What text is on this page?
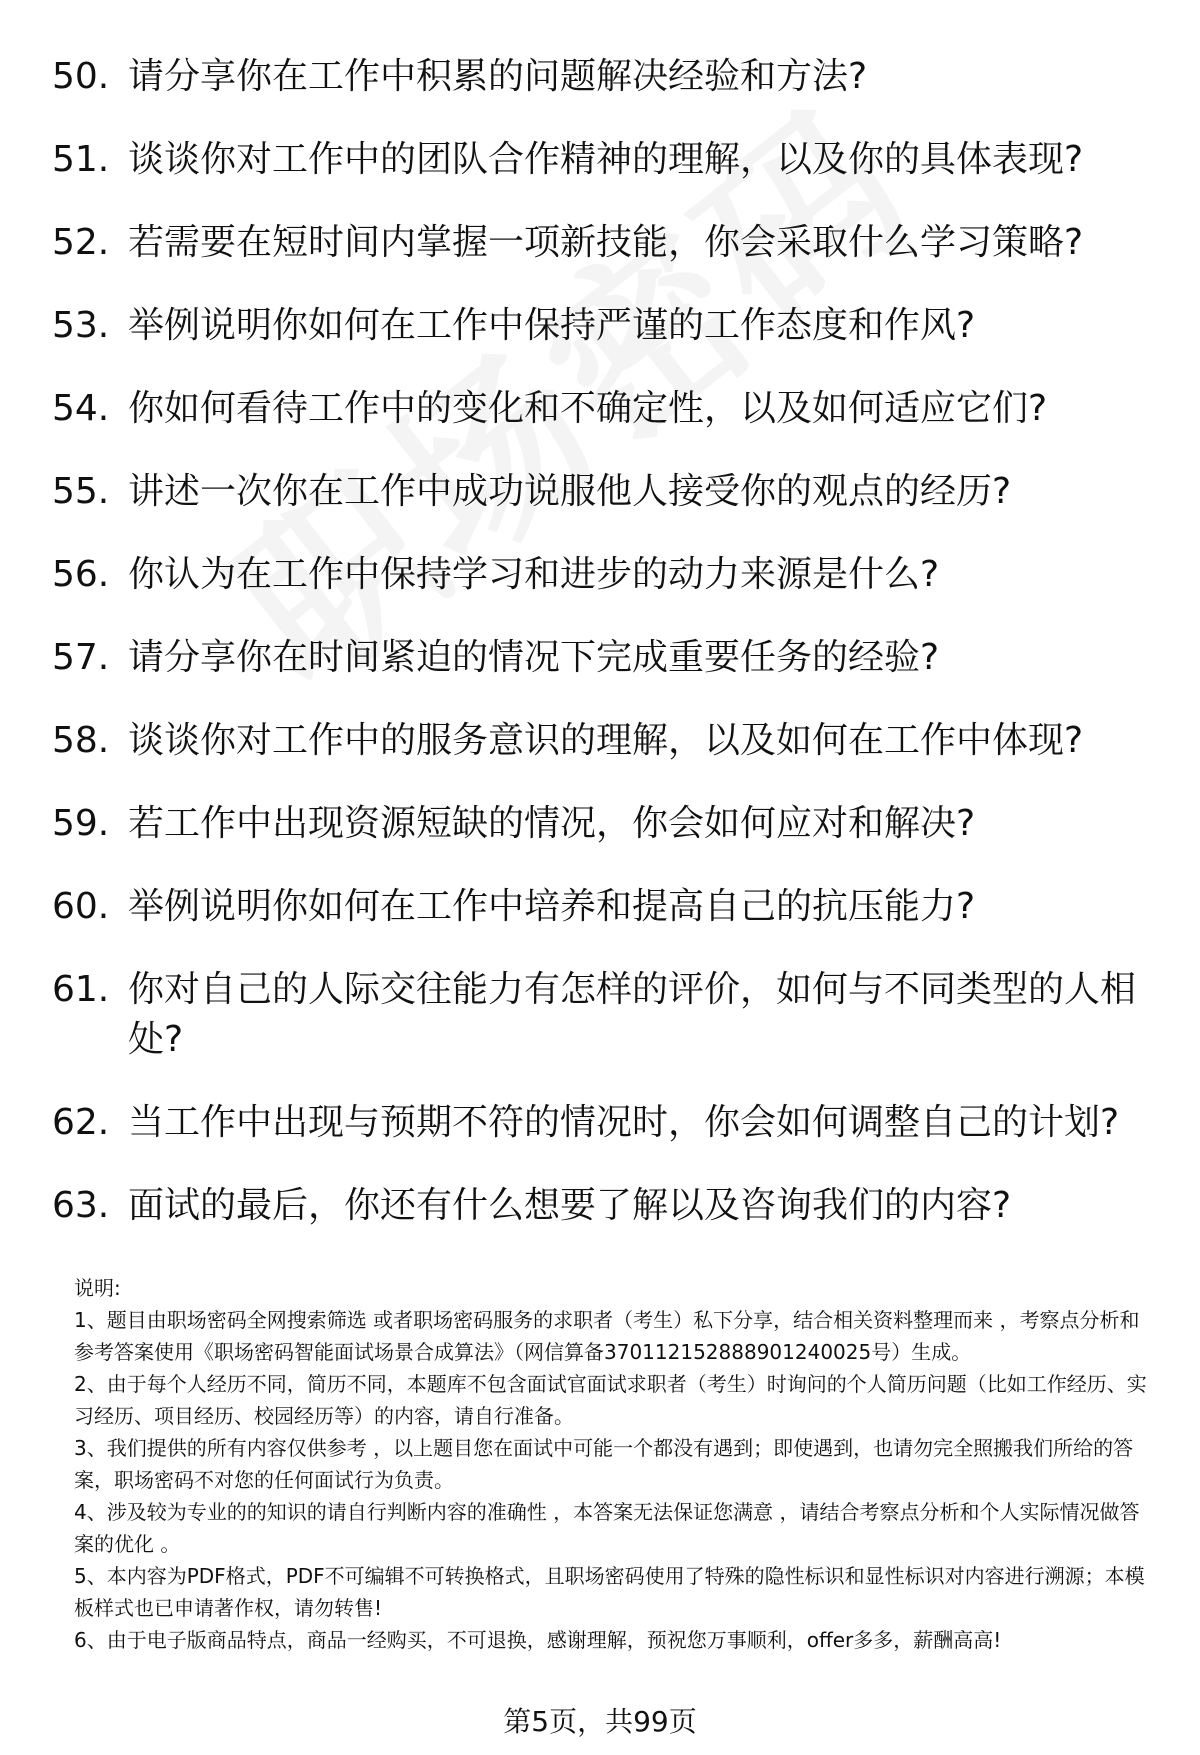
50. 请分享你在工作中积累的问题解决经验和方法?
51. 谈谈你对工作中的团队合作精神的理解，以及你的具体表现?
52. 若需要在短时间内掌握一项新技能，你会采取什么学习策略?
53. 举例说明你如何在工作中保持严谨的工作态度和作风?
54. 你如何看待工作中的变化和不确定性，以及如何适应它们?
55. 讲述一次你在工作中成功说服他人接受你的观点的经历?
56. 你认为在工作中保持学习和进步的动力来源是什么?
57. 请分享你在时间紧迫的情况下完成重要任务的经验?
58. 谈谈你对工作中的服务意识的理解，以及如何在工作中体现?
59. 若工作中出现资源短缺的情况，你会如何应对和解决?
60. 举例说明你如何在工作中培养和提高自己的抗压能力?
61. 你对自己的人际交往能力有怎样的评价，如何与不同类型的人相处?
62. 当工作中出现与预期不符的情况时，你会如何调整自己的计划?
63. 面试的最后，你还有什么想要了解以及咨询我们的内容?

说明:

1、题目由职场密码全网搜索筛选 或者职场密码服务的求职者（考生）私下分享，结合相关资料整理而来 ，考察点分析和参考答案使用《职场密码智能面试场景合成算法》（网信算备370112152888901240025号）生成。

2、由于每个人经历不同，简历不同，本题库不包含面试官面试求职者（考生）时询问的个人简历问题（比如工作经历、实习经历、项目经历、校园经历等）的内容，请自行准备。

3、我们提供的所有内容仅供参考 ，以上题目您在面试中可能一个都没有遇到；即使遇到，也请勿完全照搬我们所给的答案，职场密码不对您的任何面试行为负责。

4、涉及较为专业的的知识的请自行判断内容的准确性 ，本答案无法保证您满意 ，请结合考察点分析和个人实际情况做答案的优化 。

5、本内容为PDF格式，PDF不可编辑不可转换格式，且职场密码使用了特殊的隐性标识和显性标识对内容进行溯源；本模板样式也已申请著作权，请勿转售!

6、由于电子版商品特点，商品一经购买，不可退换，感谢理解，预祝您万事顺利，offer多多，薪酬高高!

第5页，共99页
